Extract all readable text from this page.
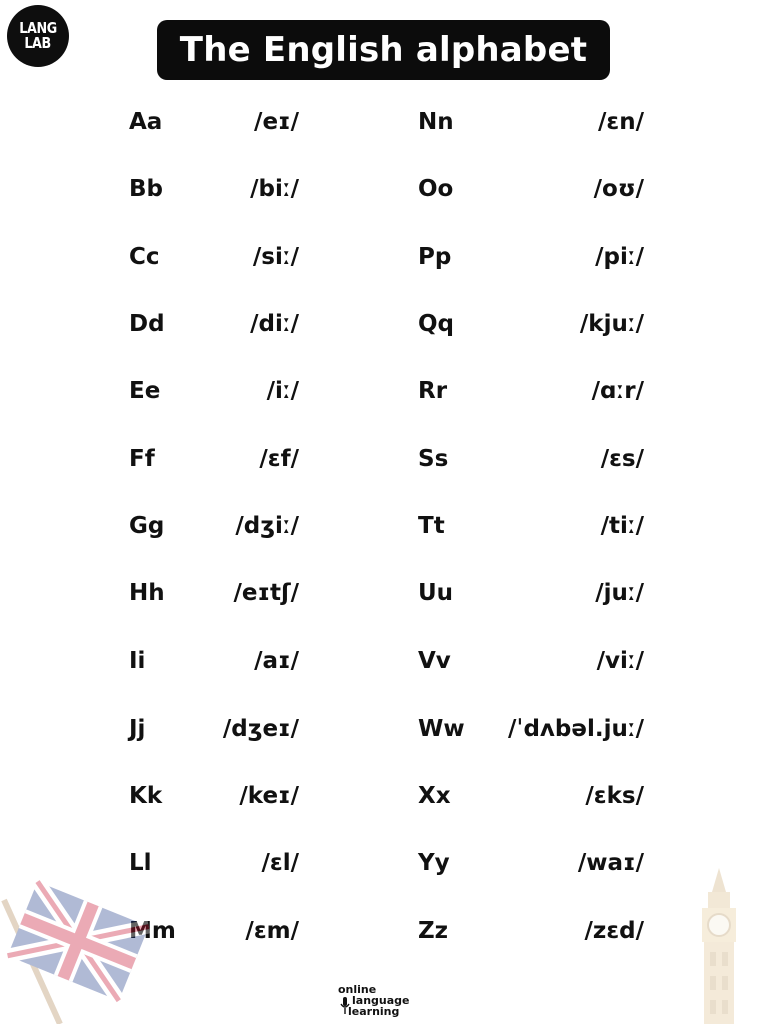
LANG
LAB	The English alphabet
Aa	/eɪ/
Bb	/biː/
Cc	/siː/
Dd	/diː/
Ee	/iː/
Ff	/ɛf/
Gg	/dʒiː/
Hh	/eɪtʃ/
Ii	/aɪ/
Jj	/dʒeɪ/
Kk	/keɪ/
Ll	/ɛl/
Mm	/ɛm/
Nn	/ɛn/
Oo	/oʊ/
Pp	/piː/
Qq	/kjuː/
Rr	/ɑːr/
Ss	/ɛs/
Tt	/tiː/
Uu	/juː/
Vv	/viː/
Ww /ˈdʌbəl.juː/
Xx	/ɛks/
Yy	/waɪ/
Zz	/zɛd/
online
language
learning
